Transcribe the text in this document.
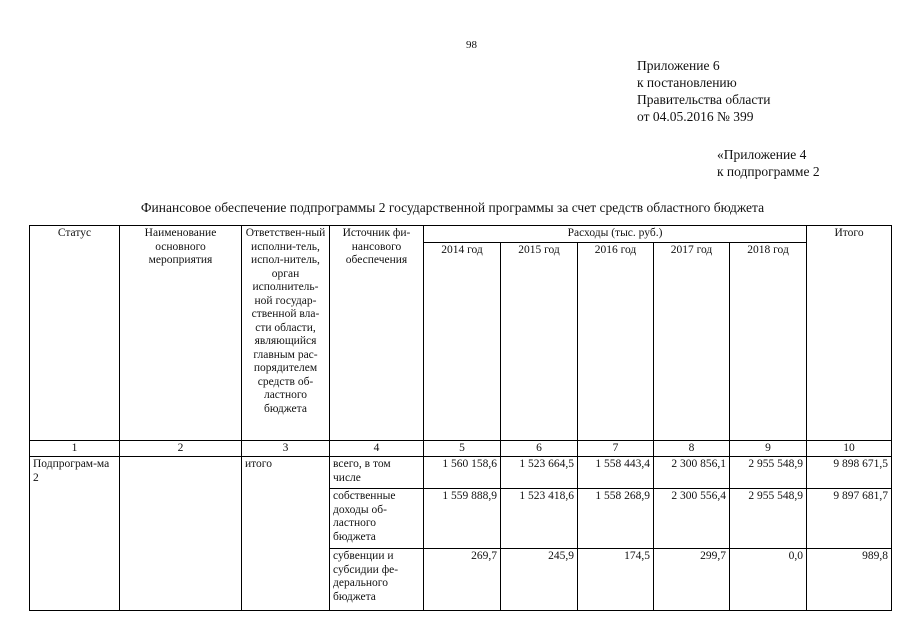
98
Приложение 6
к постановлению
Правительства области
от 04.05.2016 № 399
«Приложение 4
к подпрограмме 2
Финансовое обеспечение подпрограммы 2 государственной программы за счет средств областного бюджета
Статус	Наименование основного мероприятия	Ответствен-ный исполни-тель, испол-нитель, орган исполнитель-ной государ-ственной вла-сти области, являющийся главным рас-порядителем средств об-ластного бюджета	Источник фи-нансового обеспечения	Расходы (тыс. руб.)					Итого
				2014 год	2015 год	2016 год	2017 год	2018 год	
1	2	3	4	5	6	7	8	9	10
Подпрограм-ма 2		итого	всего, в том числе	1 560 158,6	1 523 664,5	1 558 443,4	2 300 856,1	2 955 548,9	9 898 671,5
			собственные доходы об-ластного бюджета	1 559 888,9	1 523 418,6	1 558 268,9	2 300 556,4	2 955 548,9	9 897 681,7
			субвенции и субсидии фе-дерального бюджета	269,7	245,9	174,5	299,7	0,0	989,8
